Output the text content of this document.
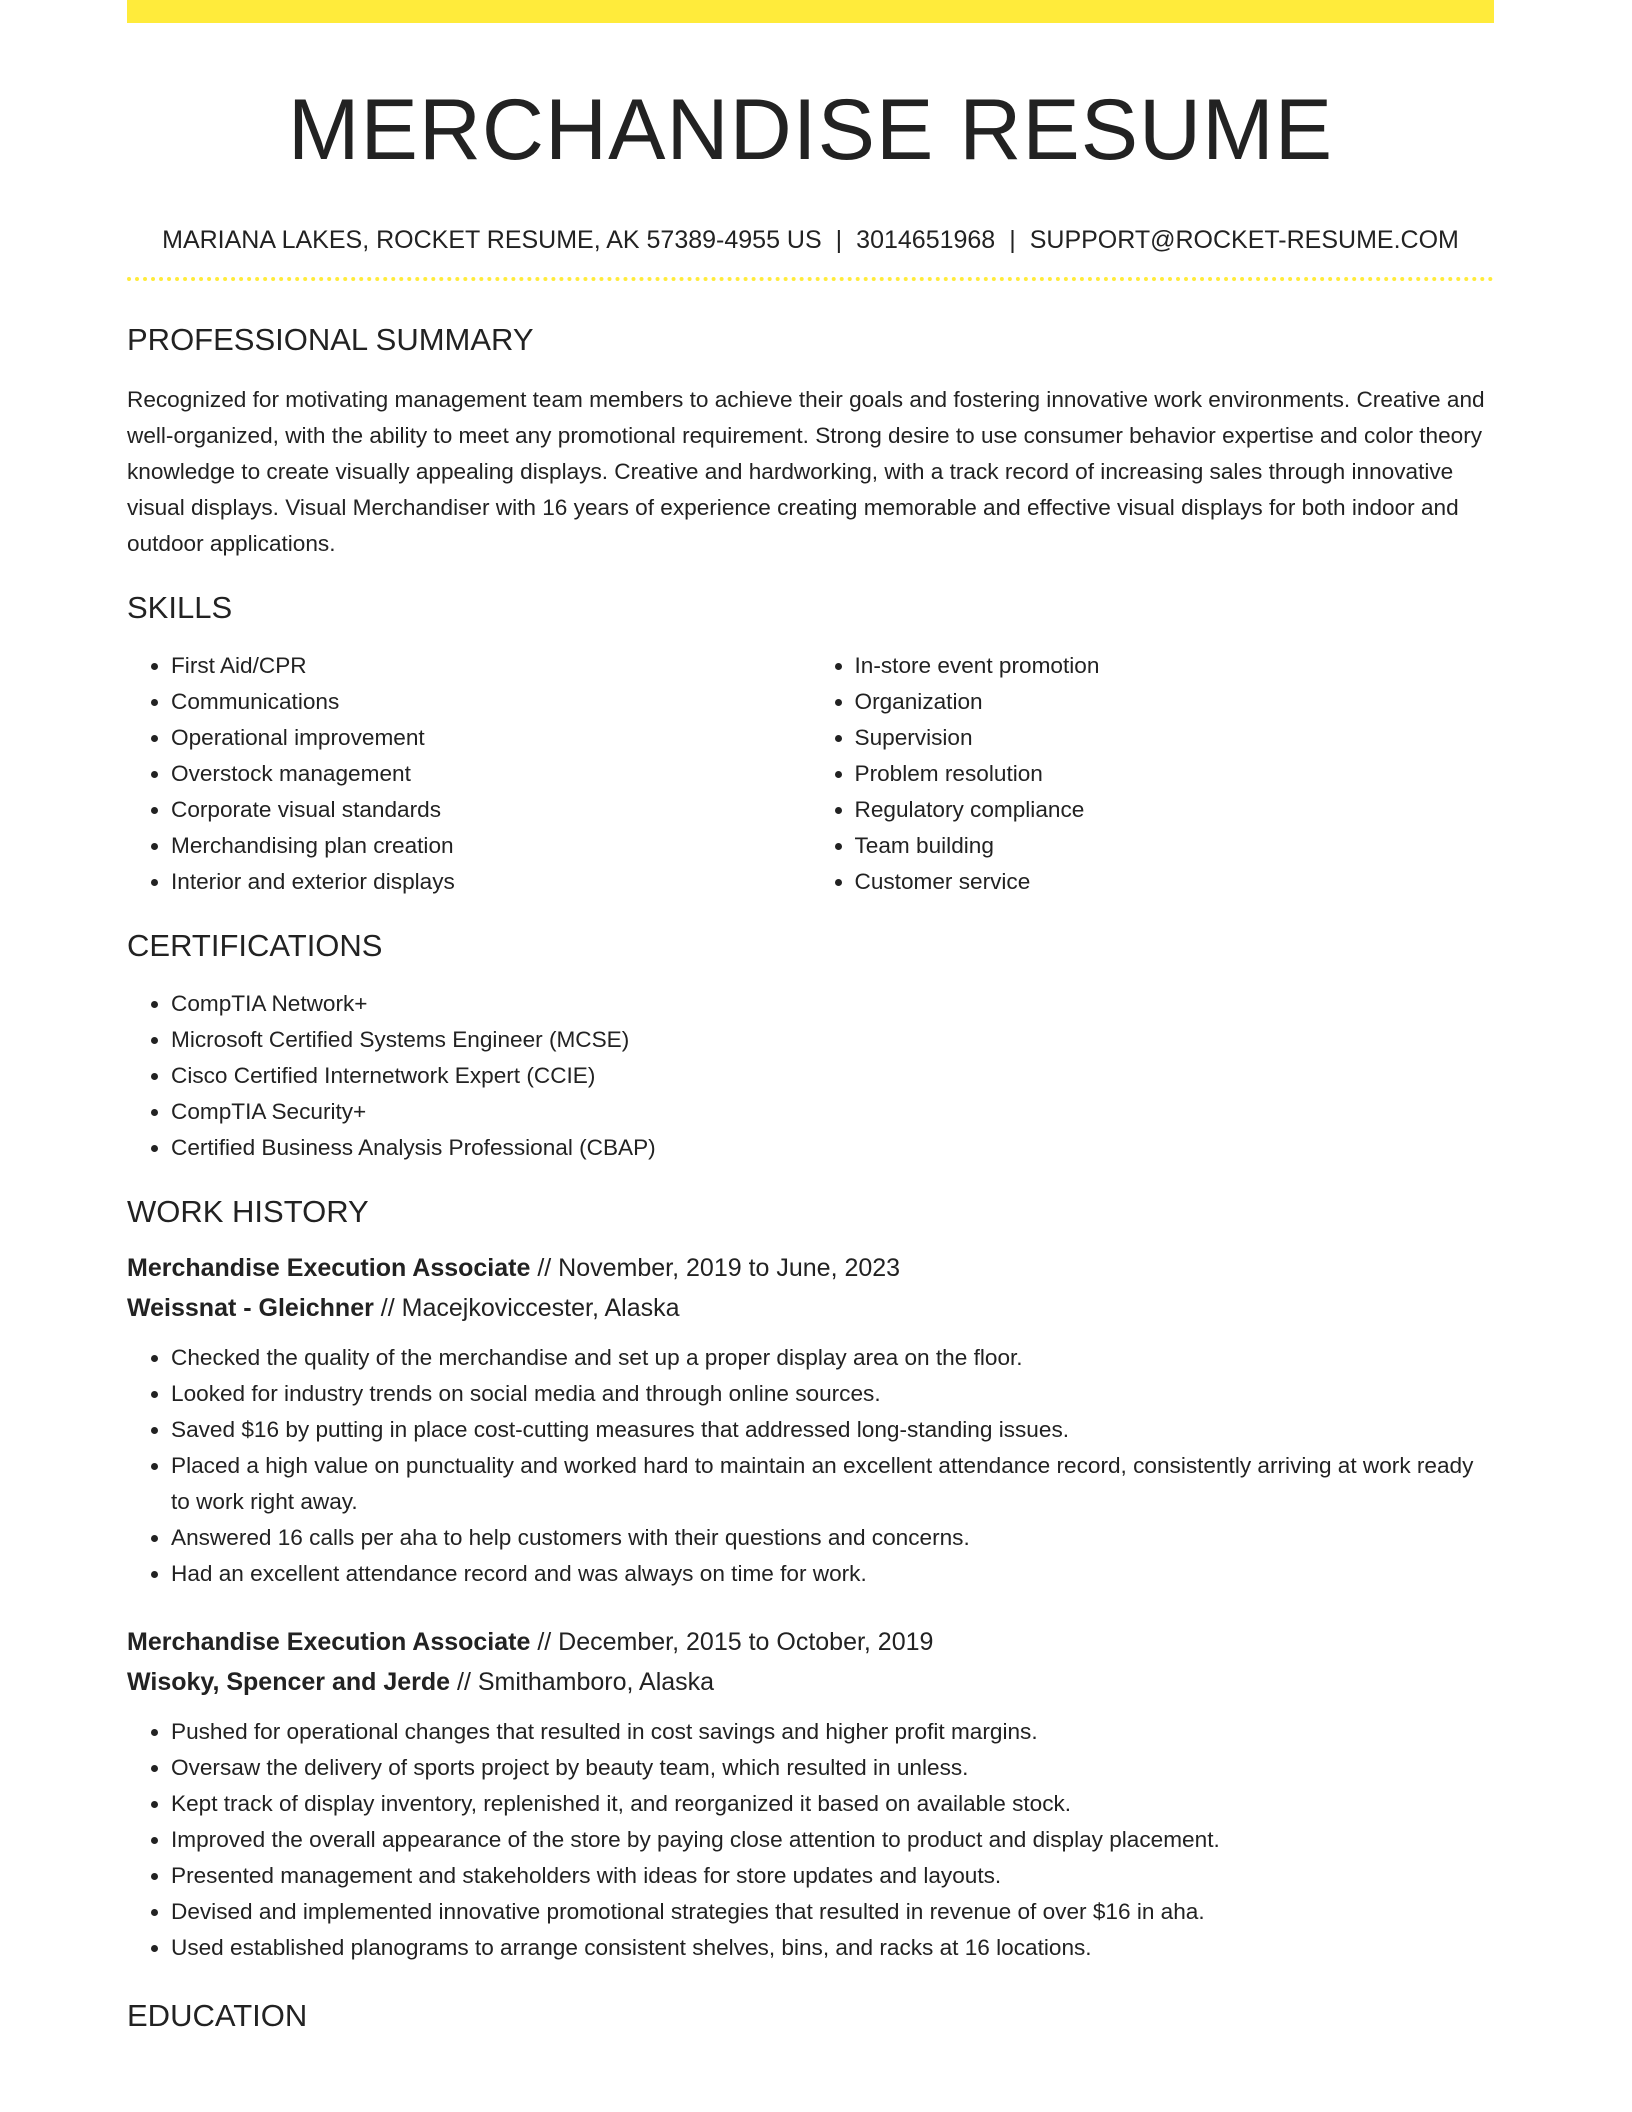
MERCHANDISE RESUME
MARIANA LAKES, ROCKET RESUME, AK 57389-4955 US | 3014651968 | SUPPORT@ROCKET-RESUME.COM
PROFESSIONAL SUMMARY

Recognized for motivating management team members to achieve their goals and fostering innovative work environments. Creative and well-organized, with the ability to meet any promotional requirement. Strong desire to use consumer behavior expertise and color theory knowledge to create visually appealing displays. Creative and hardworking, with a track record of increasing sales through innovative visual displays. Visual Merchandiser with 16 years of experience creating memorable and effective visual displays for both indoor and outdoor applications.

SKILLS
• First Aid/CPR
• Communications
• Operational improvement
• Overstock management
• Corporate visual standards
• Merchandising plan creation
• Interior and exterior displays
• In-store event promotion
• Organization
• Supervision
• Problem resolution
• Regulatory compliance
• Team building
• Customer service
CERTIFICATIONS
• CompTIA Network+
• Microsoft Certified Systems Engineer (MCSE)
• Cisco Certified Internetwork Expert (CCIE)
• CompTIA Security+
• Certified Business Analysis Professional (CBAP)
WORK HISTORY
Merchandise Execution Associate // November, 2019 to June, 2023
Weissnat - Gleichner // Macejkoviccester, Alaska
• Checked the quality of the merchandise and set up a proper display area on the floor.
• Looked for industry trends on social media and through online sources.
• Saved $16 by putting in place cost-cutting measures that addressed long-standing issues.
• Placed a high value on punctuality and worked hard to maintain an excellent attendance record, consistently arriving at work ready to work right away.
• Answered 16 calls per aha to help customers with their questions and concerns.
• Had an excellent attendance record and was always on time for work.
Merchandise Execution Associate // December, 2015 to October, 2019
Wisoky, Spencer and Jerde // Smithamboro, Alaska
• Pushed for operational changes that resulted in cost savings and higher profit margins.
• Oversaw the delivery of sports project by beauty team, which resulted in unless.
• Kept track of display inventory, replenished it, and reorganized it based on available stock.
• Improved the overall appearance of the store by paying close attention to product and display placement.
• Presented management and stakeholders with ideas for store updates and layouts.
• Devised and implemented innovative promotional strategies that resulted in revenue of over $16 in aha.
• Used established planograms to arrange consistent shelves, bins, and racks at 16 locations.
EDUCATION
